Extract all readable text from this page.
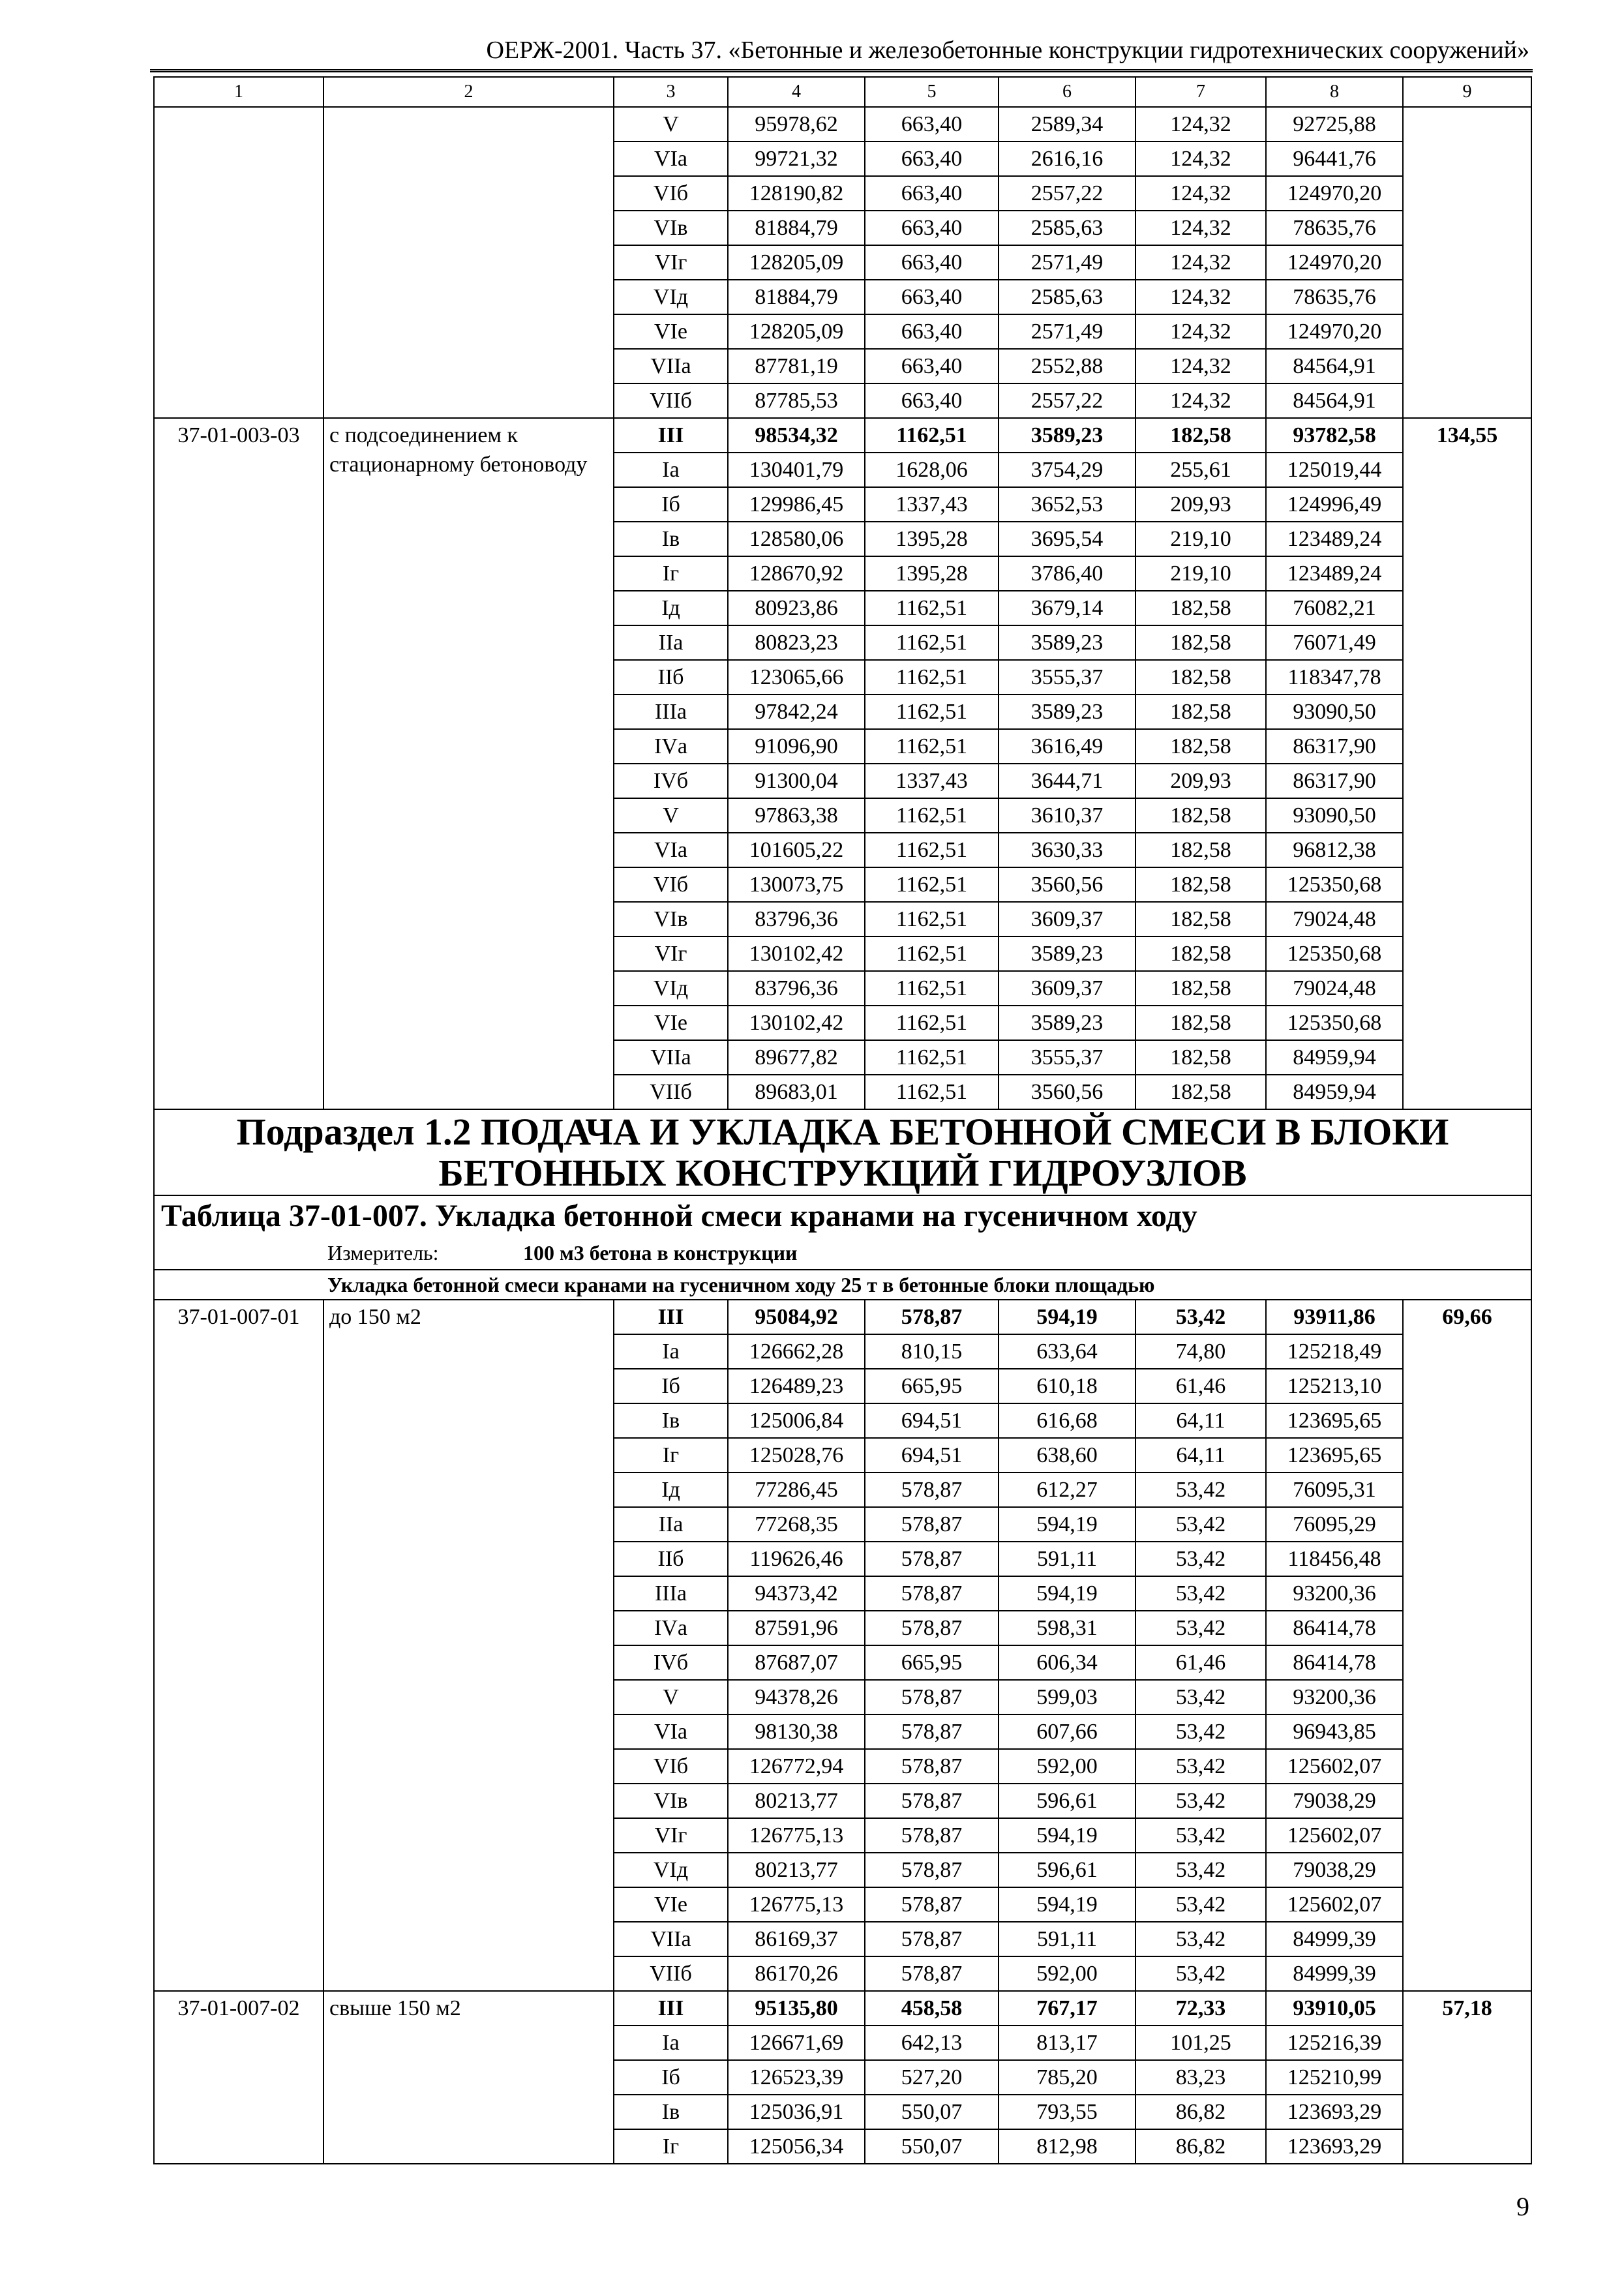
ОЕРЖ-2001. Часть 37. «Бетонные и железобетонные конструкции гидротехнических сооружений»
1	2	3	4	5	6	7	8	9
		V	95978,62	663,40	2589,34	124,32	92725,88	
		VIа	99721,32	663,40	2616,16	124,32	96441,76	
		VIб	128190,82	663,40	2557,22	124,32	124970,20	
		VIв	81884,79	663,40	2585,63	124,32	78635,76	
		VIг	128205,09	663,40	2571,49	124,32	124970,20	
		VIд	81884,79	663,40	2585,63	124,32	78635,76	
		VIе	128205,09	663,40	2571,49	124,32	124970,20	
		VIIа	87781,19	663,40	2552,88	124,32	84564,91	
		VIIб	87785,53	663,40	2557,22	124,32	84564,91	
37-01-003-03	с подсоединением к стационарному бетоноводу	III	98534,32	1162,51	3589,23	182,58	93782,58	134,55
		Iа	130401,79	1628,06	3754,29	255,61	125019,44	
		Iб	129986,45	1337,43	3652,53	209,93	124996,49	
		Iв	128580,06	1395,28	3695,54	219,10	123489,24	
		Iг	128670,92	1395,28	3786,40	219,10	123489,24	
		Iд	80923,86	1162,51	3679,14	182,58	76082,21	
		IIа	80823,23	1162,51	3589,23	182,58	76071,49	
		IIб	123065,66	1162,51	3555,37	182,58	118347,78	
		IIIа	97842,24	1162,51	3589,23	182,58	93090,50	
		IVа	91096,90	1162,51	3616,49	182,58	86317,90	
		IVб	91300,04	1337,43	3644,71	209,93	86317,90	
		V	97863,38	1162,51	3610,37	182,58	93090,50	
		VIа	101605,22	1162,51	3630,33	182,58	96812,38	
		VIб	130073,75	1162,51	3560,56	182,58	125350,68	
		VIв	83796,36	1162,51	3609,37	182,58	79024,48	
		VIг	130102,42	1162,51	3589,23	182,58	125350,68	
		VIд	83796,36	1162,51	3609,37	182,58	79024,48	
		VIе	130102,42	1162,51	3589,23	182,58	125350,68	
		VIIа	89677,82	1162,51	3555,37	182,58	84959,94	
		VIIб	89683,01	1162,51	3560,56	182,58	84959,94	
Подраздел 1.2 ПОДАЧА И УКЛАДКА БЕТОННОЙ СМЕСИ В БЛОКИ БЕТОННЫХ КОНСТРУКЦИЙ ГИДРОУЗЛОВ								
Таблица 37-01-007. Укладка бетонной смеси кранами на гусеничном ходу								
Измеритель: 100 м3 бетона в конструкции								
Укладка бетонной смеси кранами на гусеничном ходу 25 т в бетонные блоки площадью								
37-01-007-01	до 150 м2	III	95084,92	578,87	594,19	53,42	93911,86	69,66
		Iа	126662,28	810,15	633,64	74,80	125218,49	
		Iб	126489,23	665,95	610,18	61,46	125213,10	
		Iв	125006,84	694,51	616,68	64,11	123695,65	
		Iг	125028,76	694,51	638,60	64,11	123695,65	
		Iд	77286,45	578,87	612,27	53,42	76095,31	
		IIа	77268,35	578,87	594,19	53,42	76095,29	
		IIб	119626,46	578,87	591,11	53,42	118456,48	
		IIIа	94373,42	578,87	594,19	53,42	93200,36	
		IVа	87591,96	578,87	598,31	53,42	86414,78	
		IVб	87687,07	665,95	606,34	61,46	86414,78	
		V	94378,26	578,87	599,03	53,42	93200,36	
		VIа	98130,38	578,87	607,66	53,42	96943,85	
		VIб	126772,94	578,87	592,00	53,42	125602,07	
		VIв	80213,77	578,87	596,61	53,42	79038,29	
		VIг	126775,13	578,87	594,19	53,42	125602,07	
		VIд	80213,77	578,87	596,61	53,42	79038,29	
		VIе	126775,13	578,87	594,19	53,42	125602,07	
		VIIа	86169,37	578,87	591,11	53,42	84999,39	
		VIIб	86170,26	578,87	592,00	53,42	84999,39	
37-01-007-02	свыше 150 м2	III	95135,80	458,58	767,17	72,33	93910,05	57,18
		Iа	126671,69	642,13	813,17	101,25	125216,39	
		Iб	126523,39	527,20	785,20	83,23	125210,99	
		Iв	125036,91	550,07	793,55	86,82	123693,29	
		Iг	125056,34	550,07	812,98	86,82	123693,29	
9
